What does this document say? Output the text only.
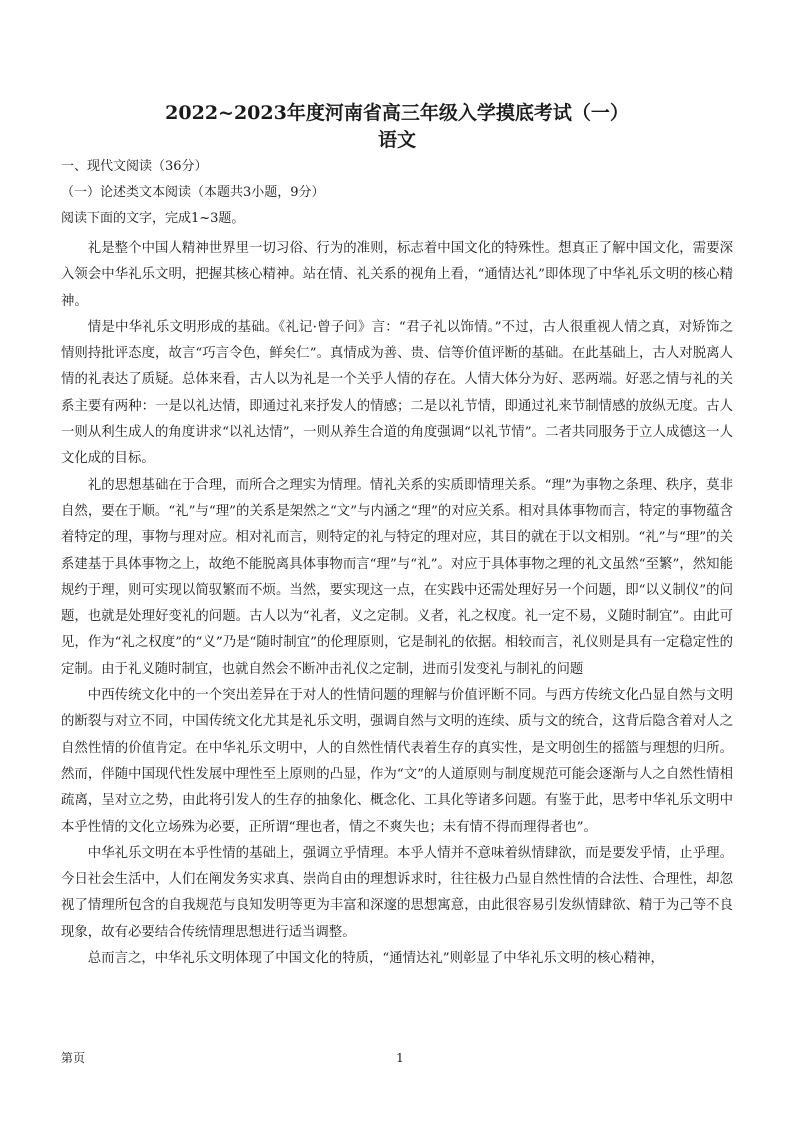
2022~2023年度河南省高三年级入学摸底考试（一）
语文
一、现代文阅读（36分）
（一）论述类文本阅读（本题共3小题，9分）
阅读下面的文字，完成1~3题。

礼是整个中国人精神世界里一切习俗、行为的准则，标志着中国文化的特殊性。想真正了解中国文化，需要深入领会中华礼乐文明，把握其核心精神。站在情、礼关系的视角上看，“通情达礼”即体现了中华礼乐文明的核心精神。

情是中华礼乐文明形成的基础。《礼记·曾子问》言：“君子礼以饰情。”不过，古人很重视人情之真，对矫饰之情则持批评态度，故言“巧言令色，鲜矣仁”。真情成为善、贵、信等价值评断的基础。在此基础上，古人对脱离人情的礼表达了质疑。总体来看，古人以为礼是一个关乎人情的存在。人情大体分为好、恶两端。好恶之情与礼的关系主要有两种：一是以礼达情，即通过礼来抒发人的情感；二是以礼节情，即通过礼来节制情感的放纵无度。古人一则从利生成人的角度讲求“以礼达情”，一则从养生合道的角度强调“以礼节情”。二者共同服务于立人成德这一人文化成的目标。

礼的思想基础在于合理，而所合之理实为情理。情礼关系的实质即情理关系。“理”为事物之条理、秩序，莫非自然，要在于顺。“礼”与“理”的关系是架然之“文”与内涵之“理”的对应关系。相对具体事物而言，特定的事物蕴含着特定的理，事物与理对应。相对礼而言，则特定的礼与特定的理对应，其目的就在于以文相别。“礼”与“理”的关系建基于具体事物之上，故绝不能脱离具体事物而言“理”与“礼”。对应于具体事物之理的礼文虽然“至繁”，然知能规约于理，则可实现以简驭繁而不烦。当然，要实现这一点，在实践中还需处理好另一个问题，即“以义制仪”的问题，也就是处理好变礼的问题。古人以为“礼者，义之定制。义者，礼之权度。礼一定不易，义随时制宜”。由此可见，作为“礼之权度”的“义”乃是“随时制宜”的伦理原则，它是制礼的依据。相较而言，礼仪则是具有一定稳定性的定制。由于礼义随时制宜，也就自然会不断冲击礼仪之定制，进而引发变礼与制礼的问题

中西传统文化中的一个突出差异在于对人的性情问题的理解与价值评断不同。与西方传统文化凸显自然与文明的断裂与对立不同，中国传统文化尤其是礼乐文明，强调自然与文明的连续、质与文的统合，这背后隐含着对人之自然性情的价值肯定。在中华礼乐文明中，人的自然性情代表着生存的真实性，是文明创生的摇篮与理想的归所。然而，伴随中国现代性发展中理性至上原则的凸显，作为“文”的人道原则与制度规范可能会逐渐与人之自然性情相疏离，呈对立之势，由此将引发人的生存的抽象化、概念化、工具化等诸多问题。有鉴于此，思考中华礼乐文明中本乎性情的文化立场殊为必要，正所谓“理也者，情之不爽失也；未有情不得而理得者也”。

中华礼乐文明在本乎性情的基础上，强调立乎情理。本乎人情并不意味着纵情肆欲，而是要发乎情，止乎理。今日社会生活中，人们在阐发务实求真、崇尚自由的理想诉求时，往往极力凸显自然性情的合法性、合理性，却忽视了情理所包含的自我规范与良知发明等更为丰富和深邃的思想寓意，由此很容易引发纵情肆欲、精于为己等不良现象，故有必要结合传统情理思想进行适当调整。

总而言之，中华礼乐文明体现了中国文化的特质，“通情达礼”则彰显了中华礼乐文明的核心精神，

第页	1
